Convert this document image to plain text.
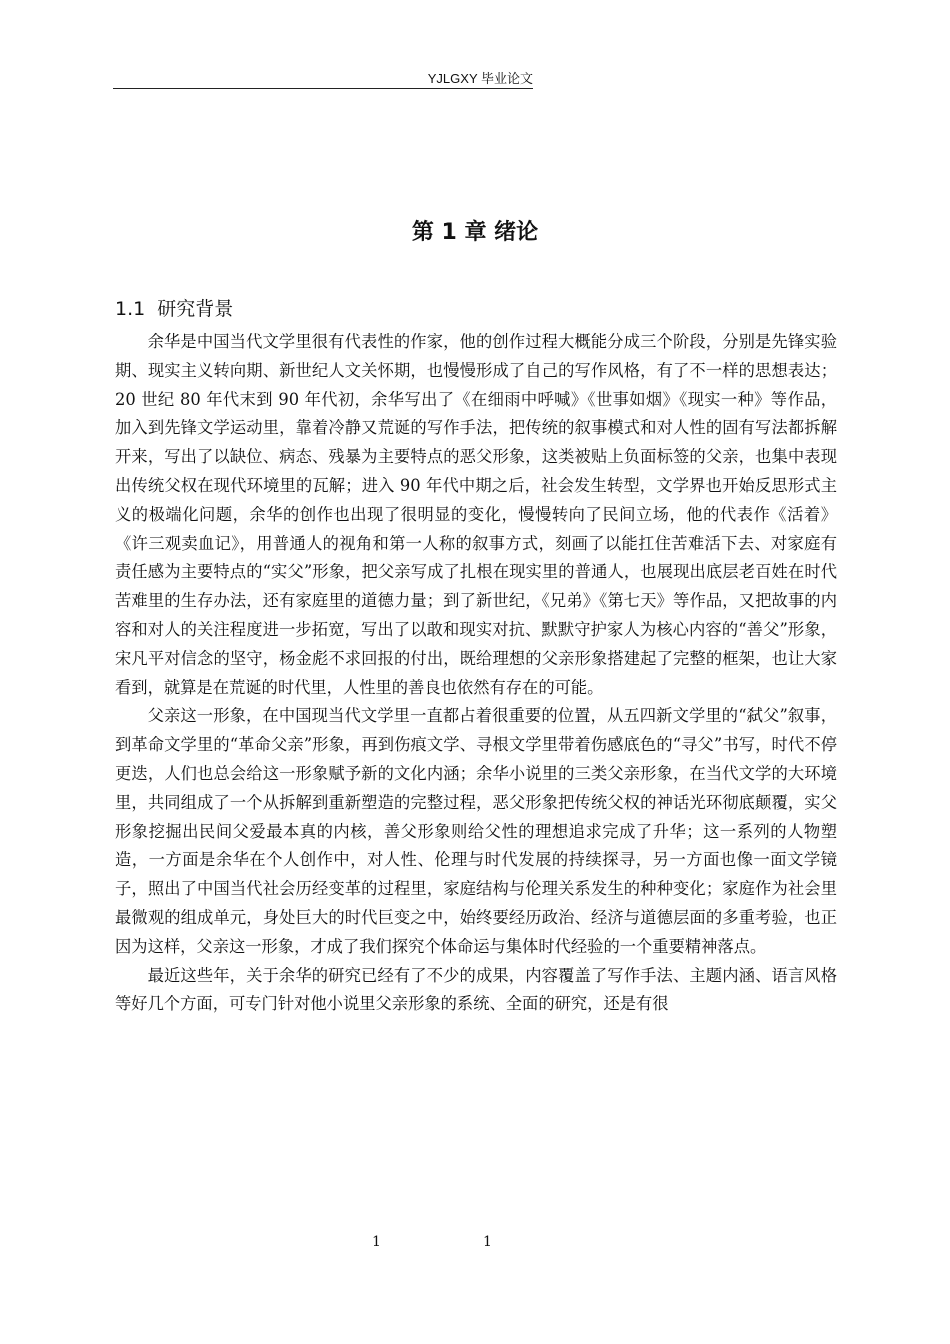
YJLGXY 毕业论文
第 1 章 绪论
1.1 研究背景

余华是中国当代文学里很有代表性的作家，他的创作过程大概能分成三个阶段，分别是先锋实验期、现实主义转向期、新世纪人文关怀期，也慢慢形成了自己的写作风格，有了不一样的思想表达；20 世纪 80 年代末到 90 年代初，余华写出了《在细雨中呼喊》《世事如烟》《现实一种》等作品，加入到先锋文学运动里，靠着冷静又荒诞的写作手法，把传统的叙事模式和对人性的固有写法都拆解开来，写出了以缺位、病态、残暴为主要特点的恶父形象，这类被贴上负面标签的父亲，也集中表现出传统父权在现代环境里的瓦解；进入 90 年代中期之后，社会发生转型，文学界也开始反思形式主义的极端化问题，余华的创作也出现了很明显的变化，慢慢转向了民间立场，他的代表作《活着》《许三观卖血记》，用普通人的视角和第一人称的叙事方式，刻画了以能扛住苦难活下去、对家庭有责任感为主要特点的“实父”形象，把父亲写成了扎根在现实里的普通人，也展现出底层老百姓在时代苦难里的生存办法，还有家庭里的道德力量；到了新世纪，《兄弟》《第七天》等作品，又把故事的内容和对人的关注程度进一步拓宽，写出了以敢和现实对抗、默默守护家人为核心内容的“善父”形象，宋凡平对信念的坚守，杨金彪不求回报的付出，既给理想的父亲形象搭建起了完整的框架，也让大家看到，就算是在荒诞的时代里，人性里的善良也依然有存在的可能。

父亲这一形象，在中国现当代文学里一直都占着很重要的位置，从五四新文学里的“弑父”叙事，到革命文学里的“革命父亲”形象，再到伤痕文学、寻根文学里带着伤感底色的“寻父”书写，时代不停更迭，人们也总会给这一形象赋予新的文化内涵；余华小说里的三类父亲形象，在当代文学的大环境里，共同组成了一个从拆解到重新塑造的完整过程，恶父形象把传统父权的神话光环彻底颠覆，实父形象挖掘出民间父爱最本真的内核，善父形象则给父性的理想追求完成了升华；这一系列的人物塑造，一方面是余华在个人创作中，对人性、伦理与时代发展的持续探寻，另一方面也像一面文学镜子，照出了中国当代社会历经变革的过程里，家庭结构与伦理关系发生的种种变化；家庭作为社会里最微观的组成单元，身处巨大的时代巨变之中，始终要经历政治、经济与道德层面的多重考验，也正因为这样，父亲这一形象，才成了我们探究个体命运与集体时代经验的一个重要精神落点。

最近这些年，关于余华的研究已经有了不少的成果，内容覆盖了写作手法、主题内涵、语言风格等好几个方面，可专门针对他小说里父亲形象的系统、全面的研究，还是有很

1	1
